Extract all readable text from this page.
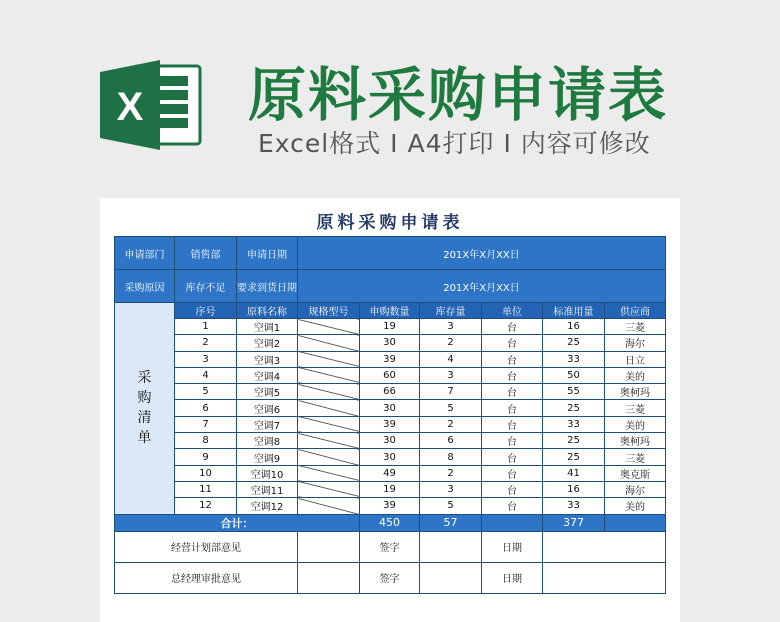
X 原料采购申请表
Excel格式 I A4打印 I 内容可修改
原料采购申请表
申请部门	销售部	申请日期	201X年X月XX日					
采购原因	库存不足	要求到货日期	201X年X月XX日					

采
购
清
单	序号	原料名称	规格型号	申购数量	库存量	单位	标准用量	供应商
	1	空调1		19	3	台	16	三菱
	2	空调2		30	2	台	25	海尔
	3	空调3		39	4	台	33	日立
	4	空调4		60	3	台	50	美的
	5	空调5		66	7	台	55	奥柯玛
	6	空调6		30	5	台	25	三菱
	7	空调7		39	2	台	33	美的
	8	空调8		30	6	台	25	奥柯玛
	9	空调9		30	8	台	25	三菱
	10	空调10		49	2	台	41	奥克斯
	11	空调11		19	3	台	16	海尔
	12	空调12		39	5	台	33	美的
合计：				450	57		377	
经营计划部意见				签字		日期		
总经理审批意见				签字		日期		
